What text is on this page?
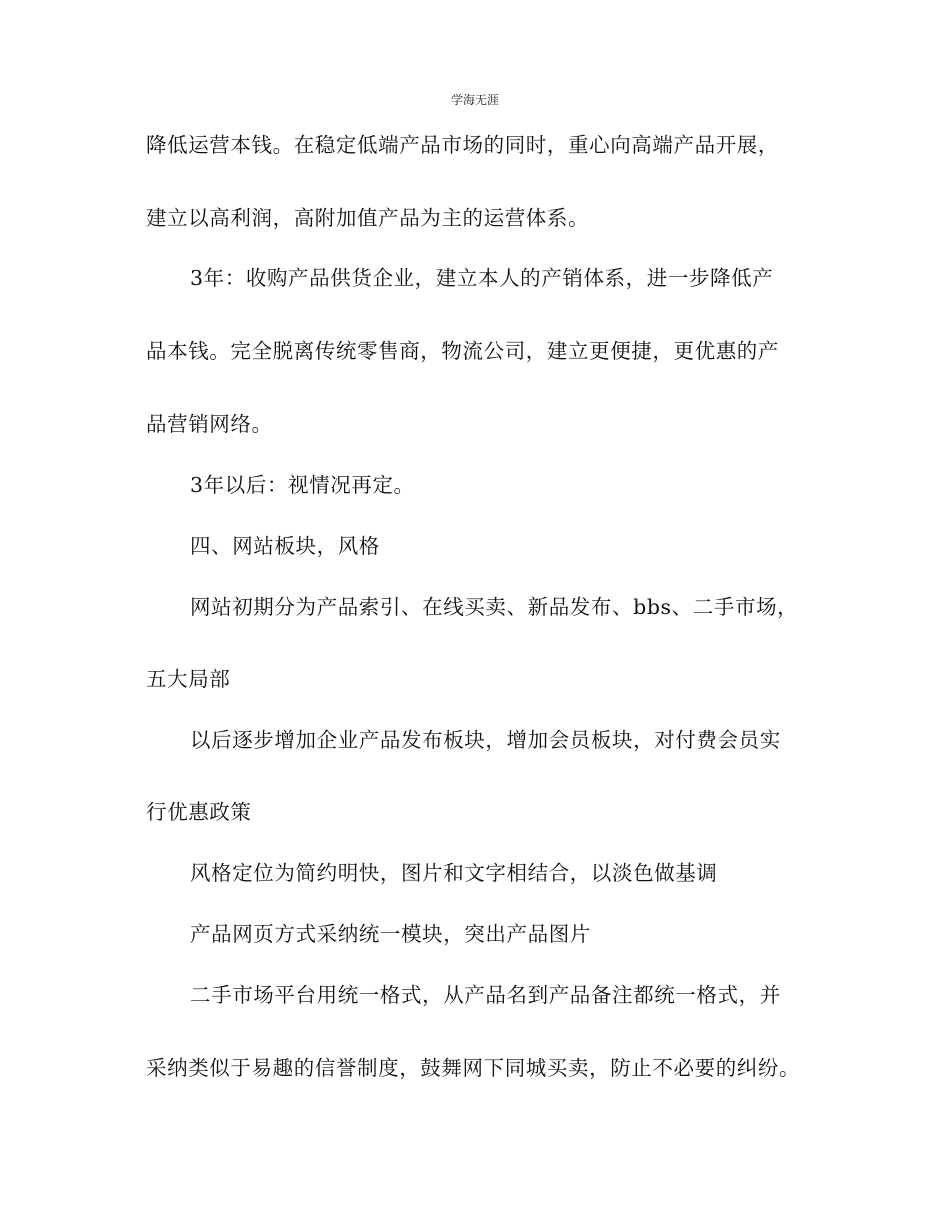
学海无涯
降低运营本钱。在稳定低端产品市场的同时，重心向高端产品开展，
建立以高利润，高附加值产品为主的运营体系。
3年：收购产品供货企业，建立本人的产销体系，进一步降低产
品本钱。完全脱离传统零售商，物流公司，建立更便捷，更优惠的产
品营销网络。
3年以后：视情况再定。
四、网站板块，风格
网站初期分为产品索引、在线买卖、新品发布、bbs、二手市场，
五大局部
以后逐步增加企业产品发布板块，增加会员板块，对付费会员实
行优惠政策
风格定位为简约明快，图片和文字相结合，以淡色做基调
产品网页方式采纳统一模块，突出产品图片
二手市场平台用统一格式，从产品名到产品备注都统一格式，并
采纳类似于易趣的信誉制度，鼓舞网下同城买卖，防止不必要的纠纷。
